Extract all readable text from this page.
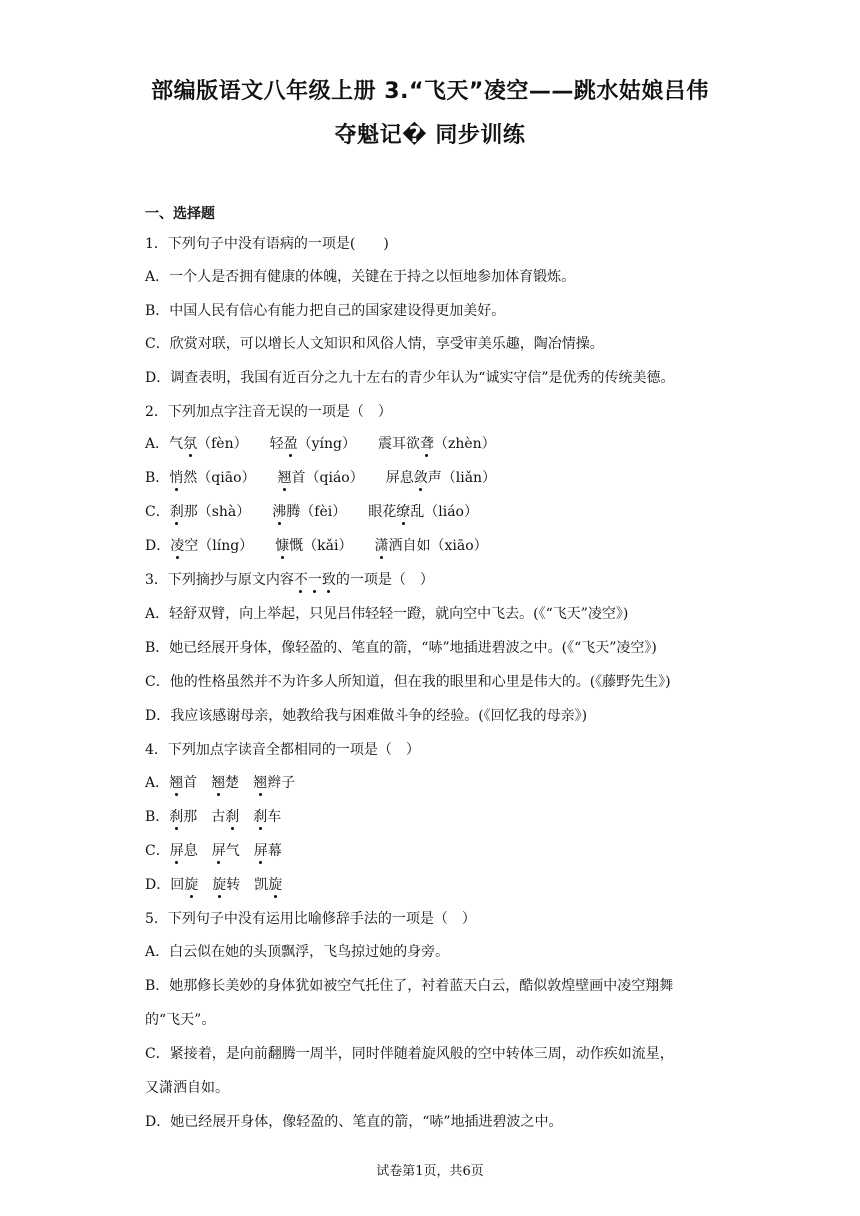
部编版语文八年级上册 3.“飞天”凌空——跳水姑娘吕伟
夺魁记� 同步训练
一、选择题
1．下列句子中没有语病的一项是(　　)
A．一个人是否拥有健康的体魄，关键在于持之以恒地参加体育锻炼。
B．中国人民有信心有能力把自己的国家建设得更加美好。
C．欣赏对联，可以增长人文知识和风俗人情，享受审美乐趣，陶冶情操。
D．调查表明，我国有近百分之九十左右的青少年认为“诚实守信”是优秀的传统美德。
2．下列加点字注音无误的一项是（　）
A．气氛（fèn） 轻盈（yíng） 震耳欲聋（zhèn）
B．悄然（qiāo） 翘首（qiáo） 屏息敛声（liǎn）
C．刹那（shà） 沸腾（fèi） 眼花缭乱（liáo）
D．凌空（líng） 慷慨（kǎi） 潇洒自如（xiāo）
3．下列摘抄与原文内容不一致的一项是（　）
A．轻舒双臂，向上举起，只见吕伟轻轻一蹬，就向空中飞去。(《“飞天”凌空》)
B．她已经展开身体，像轻盈的、笔直的箭，“哧”地插进碧波之中。(《“飞天”凌空》)
C．他的性格虽然并不为许多人所知道，但在我的眼里和心里是伟大的。(《藤野先生》)
D．我应该感谢母亲，她教给我与困难做斗争的经验。(《回忆我的母亲》)
4．下列加点字读音全都相同的一项是（　）
A．翘首 翘楚 翘辫子
B．刹那 古刹 刹车
C．屏息 屏气 屏幕
D．回旋 旋转 凯旋
5．下列句子中没有运用比喻修辞手法的一项是（　）
A．白云似在她的头顶飘浮，飞鸟掠过她的身旁。
B．她那修长美妙的身体犹如被空气托住了，衬着蓝天白云，酷似敦煌壁画中凌空翔舞
的“飞天”。
C．紧接着，是向前翻腾一周半，同时伴随着旋风般的空中转体三周，动作疾如流星，
又潇洒自如。
D．她已经展开身体，像轻盈的、笔直的箭，“哧”地插进碧波之中。
试卷第1页，共6页
